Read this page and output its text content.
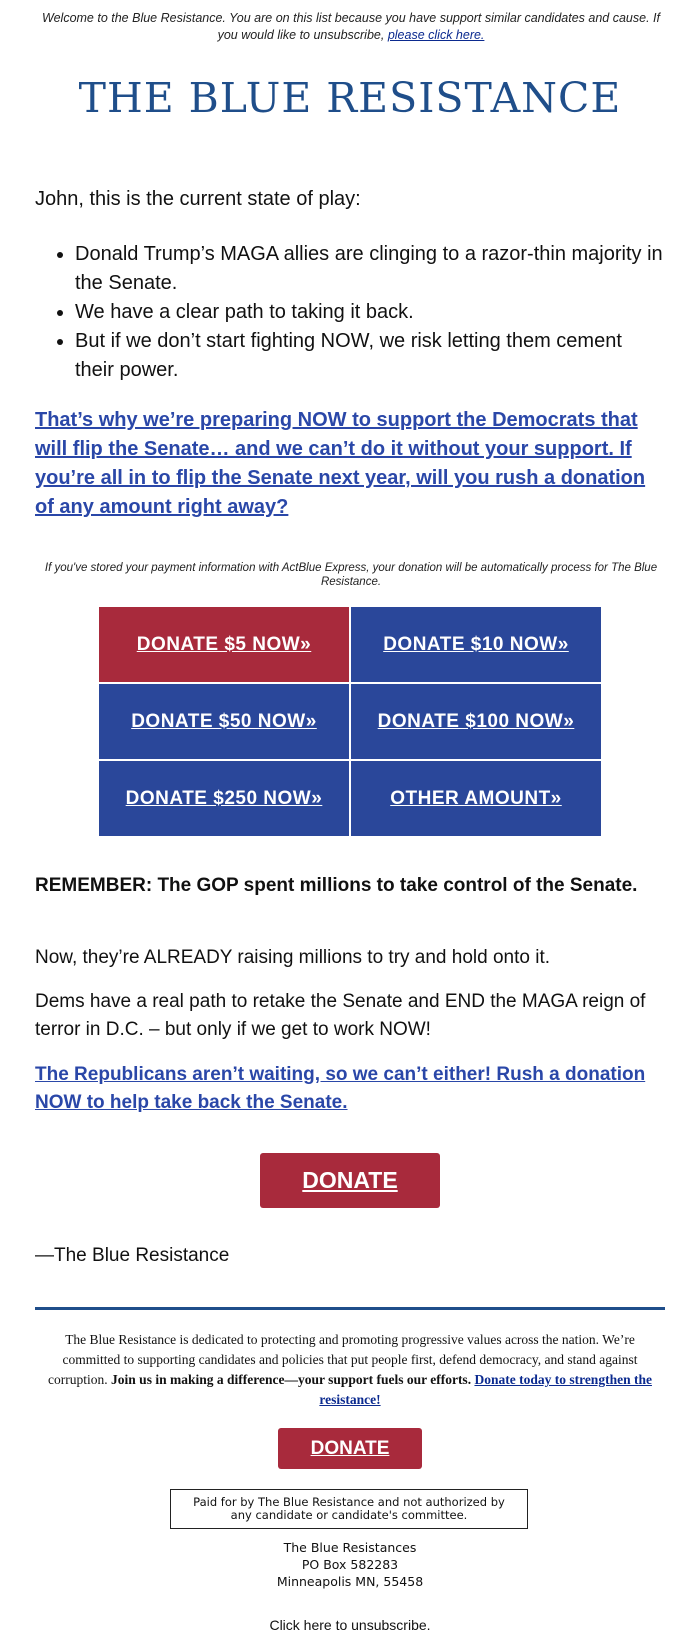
Welcome to the Blue Resistance. You are on this list because you have support similar candidates and cause. If you would like to unsubscribe, please click here.
THE BLUE RESISTANCE
John, this is the current state of play:
• Donald Trump’s MAGA allies are clinging to a razor-thin majority in the Senate.
• We have a clear path to taking it back.
• But if we don’t start fighting NOW, we risk letting them cement their power.
That’s why we’re preparing NOW to support the Democrats that will flip the Senate… and we can’t do it without your support. If you’re all in to flip the Senate next year, will you rush a donation of any amount right away?
If you've stored your payment information with ActBlue Express, your donation will be automatically process for The Blue Resistance.
DONATE $5 NOW»	DONATE $10 NOW»
DONATE $50 NOW»	DONATE $100 NOW»
DONATE $250 NOW»	OTHER AMOUNT»
REMEMBER: The GOP spent millions to take control of the Senate.
Now, they’re ALREADY raising millions to try and hold onto it.
Dems have a real path to retake the Senate and END the MAGA reign of terror in D.C. – but only if we get to work NOW!
The Republicans aren’t waiting, so we can’t either! Rush a donation NOW to help take back the Senate.
DONATE
—The Blue Resistance
The Blue Resistance is dedicated to protecting and promoting progressive values across the nation. We’re committed to supporting candidates and policies that put people first, defend democracy, and stand against corruption. Join us in making a difference—your support fuels our efforts. Donate today to strengthen the resistance!
DONATE
Paid for by The Blue Resistance and not authorized by any candidate or candidate's committee.
The Blue Resistances
PO Box 582283
Minneapolis MN, 55458
Click here to unsubscribe.
